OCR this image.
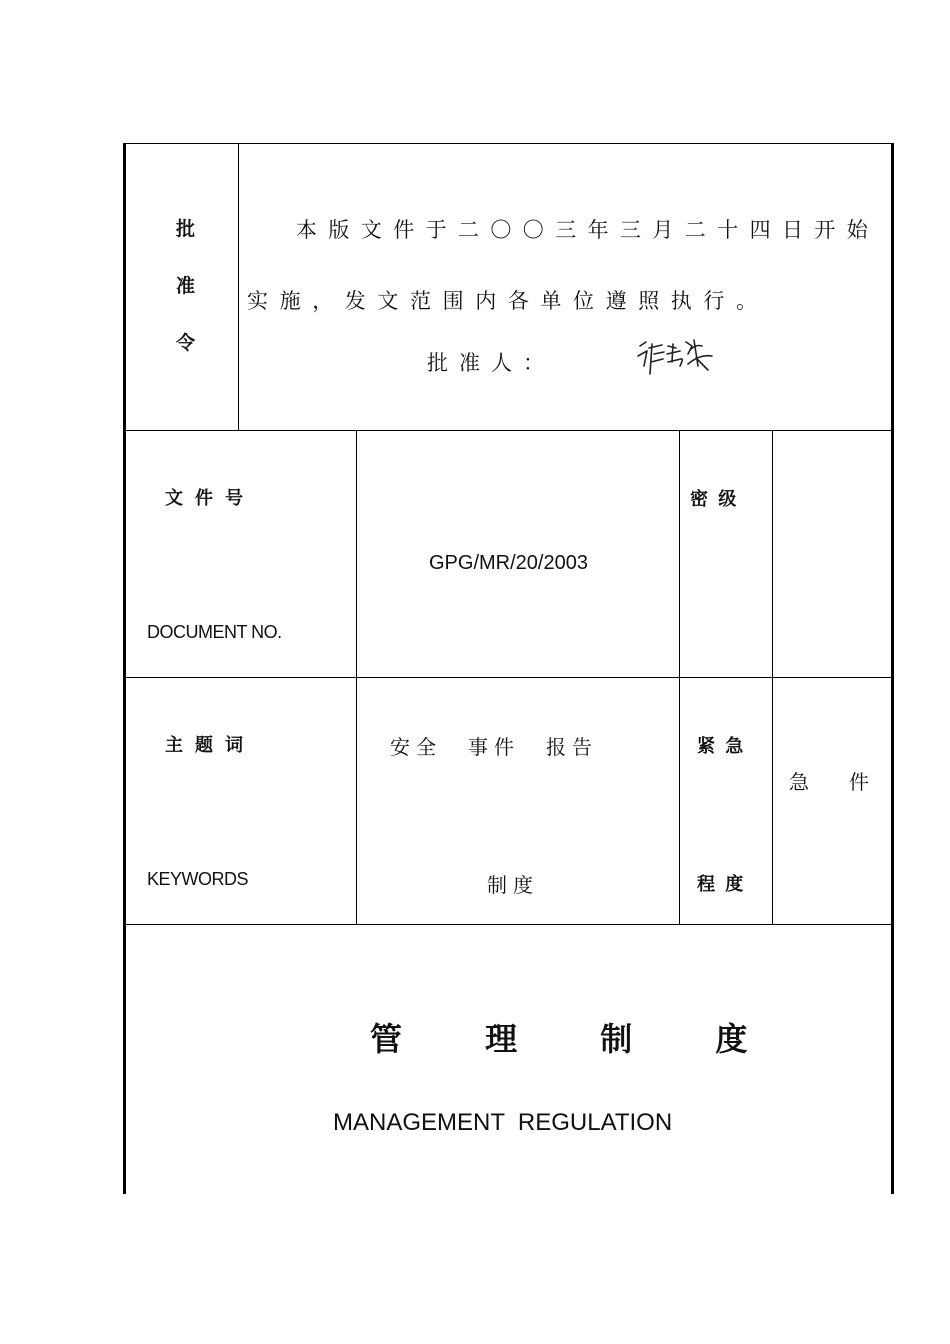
批
准
令
本版文件于二〇〇三年三月二十四日开始
实施，发文范围内各单位遵照执行。
批准人：
文件号
DOCUMENT NO.
GPG/MR/20/2003
密 级
主题词
KEYWORDS
安全　事件　报告
制度
紧 急
程 度
急　件
管 理 制 度
MANAGEMENT  REGULATION
